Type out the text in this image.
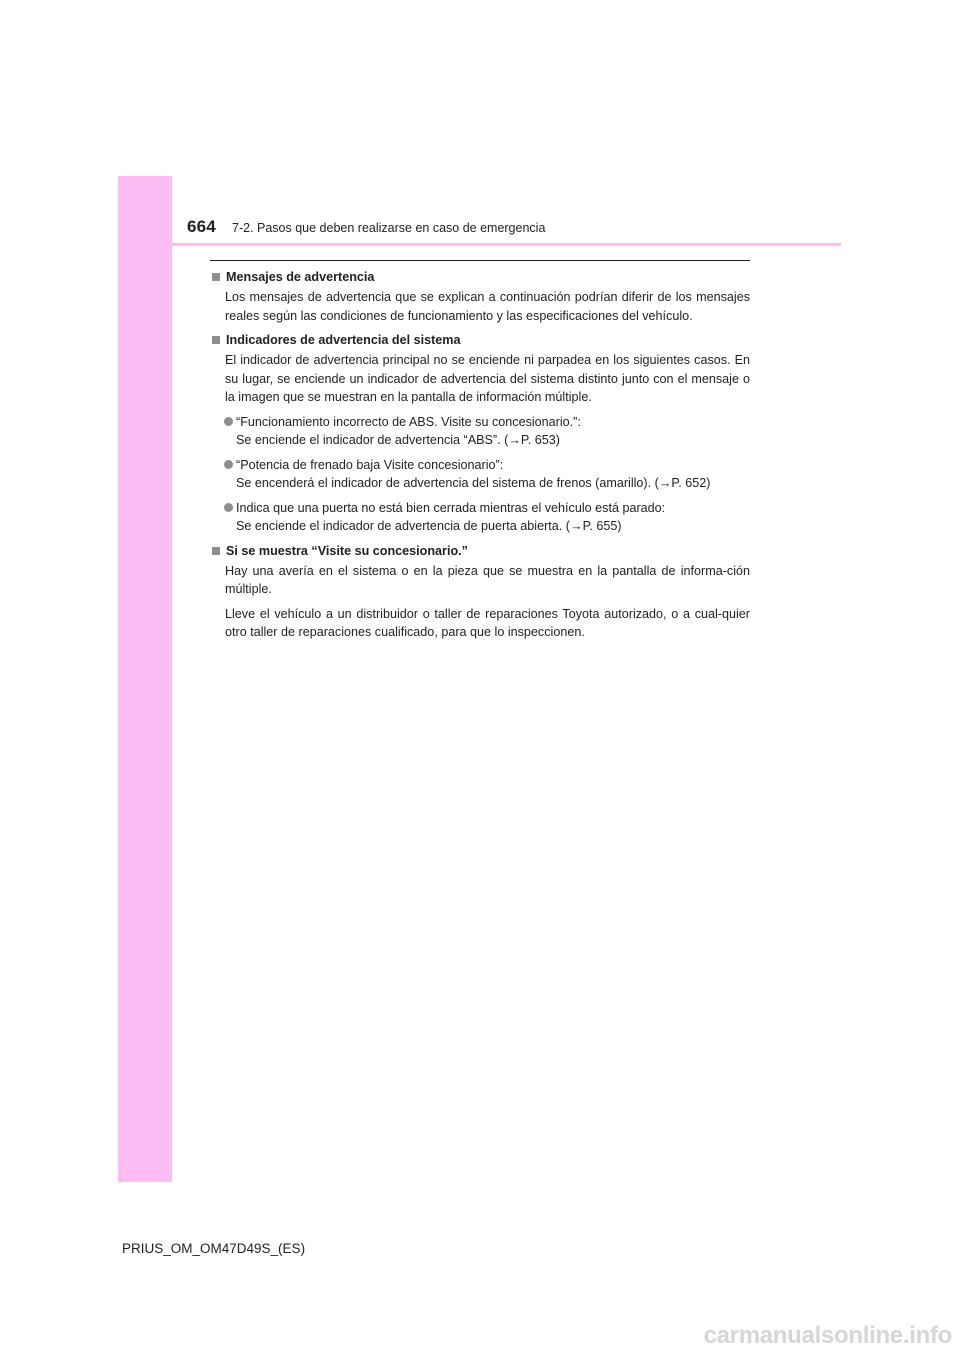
664 7-2. Pasos que deben realizarse en caso de emergencia
Mensajes de advertencia

Los mensajes de advertencia que se explican a continuación podrían diferir de los mensajes reales según las condiciones de funcionamiento y las especificaciones del vehículo.

Indicadores de advertencia del sistema

El indicador de advertencia principal no se enciende ni parpadea en los siguientes casos. En su lugar, se enciende un indicador de advertencia del sistema distinto junto con el mensaje o la imagen que se muestran en la pantalla de información múltiple.

“Funcionamiento incorrecto de ABS. Visite su concesionario.”:
Se enciende el indicador de advertencia “ABS”. (→P. 653)
“Potencia de frenado baja Visite concesionario”:
Se encenderá el indicador de advertencia del sistema de frenos (amarillo). (→P. 652)
Indica que una puerta no está bien cerrada mientras el vehículo está parado:
Se enciende el indicador de advertencia de puerta abierta. (→P. 655)
Si se muestra “Visite su concesionario.”

Hay una avería en el sistema o en la pieza que se muestra en la pantalla de informa-ción múltiple.

Lleve el vehículo a un distribuidor o taller de reparaciones Toyota autorizado, o a cual-quier otro taller de reparaciones cualificado, para que lo inspeccionen.

PRIUS_OM_OM47D49S_(ES)
carmanualsonline.info
